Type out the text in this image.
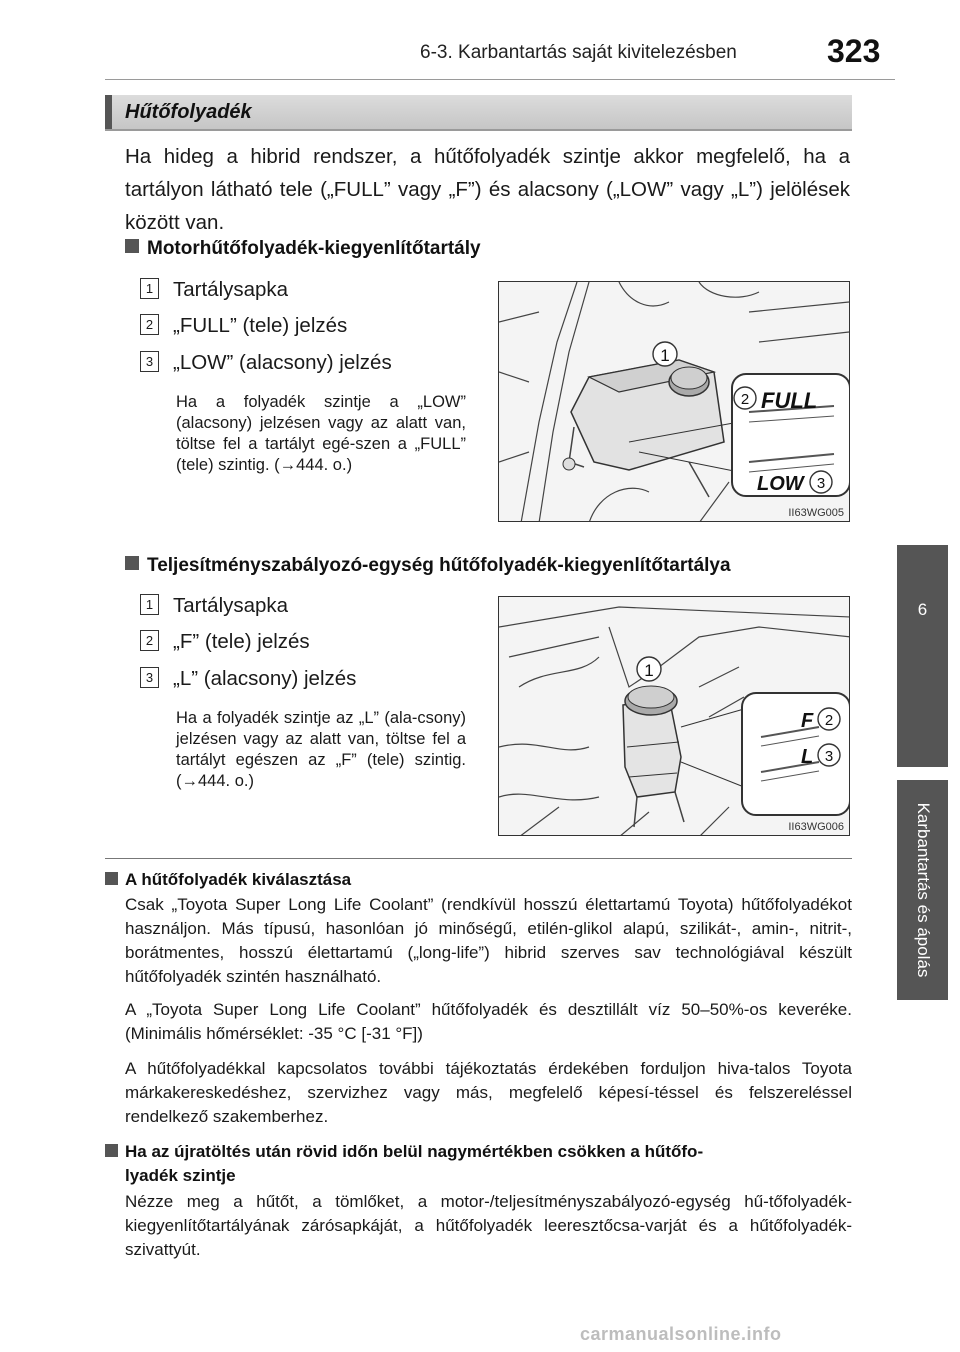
6-3. Karbantartás saját kivitelezésben	323
6
Karbantartás és ápolás
Hűtőfolyadék
Ha hideg a hibrid rendszer, a hűtőfolyadék szintje akkor megfelelő, ha a tartályon látható tele („FULL” vagy „F”) és alacsony („LOW” vagy „L”) jelölések között van.
Motorhűtőfolyadék-kiegyenlítőtartály
1 Tartálysapka
2 „FULL” (tele) jelzés
3 „LOW” (alacsony) jelzés
Ha a folyadék szintje a „LOW” (alacsony) jelzésen vagy az alatt van, töltse fel a tartályt egé-szen a „FULL” (tele) szintig. (→444. o.)
1
2
3
FULL
LOW
II63WG005
Teljesítményszabályozó-egység hűtőfolyadék-kiegyenlítőtartálya
1 Tartálysapka
2 „F” (tele) jelzés
3 „L” (alacsony) jelzés
Ha a folyadék szintje az „L” (ala-csony) jelzésen vagy az alatt van, töltse fel a tartályt egészen az „F” (tele) szintig. (→444. o.)
1
2
3
F
L
II63WG006
A hűtőfolyadék kiválasztása
Csak „Toyota Super Long Life Coolant” (rendkívül hosszú élettartamú Toyota) hűtőfolyadékot használjon. Más típusú, hasonlóan jó minőségű, etilén-glikol alapú, szilikát-, amin-, nitrit-, borátmentes, hosszú élettartamú („long-life”) hibrid szerves sav technológiával készült hűtőfolyadék szintén használható.
A „Toyota Super Long Life Coolant” hűtőfolyadék és desztillált víz 50–50%-os keveréke. (Minimális hőmérséklet: -35 °C [-31 °F])
A hűtőfolyadékkal kapcsolatos további tájékoztatás érdekében forduljon hiva-talos Toyota márkakereskedéshez, szervizhez vagy más, megfelelő képesí-téssel és felszereléssel rendelkező szakemberhez.
Ha az újratöltés után rövid időn belül nagymértékben csökken a hűtőfo-
lyadék szintje
Nézze meg a hűtőt, a tömlőket, a motor-/teljesítményszabályozó-egység hű-tőfolyadék-kiegyenlítőtartályának zárósapkáját, a hűtőfolyadék leeresztőcsa-varját és a hűtőfolyadék-szivattyút.
carmanualsonline.info
